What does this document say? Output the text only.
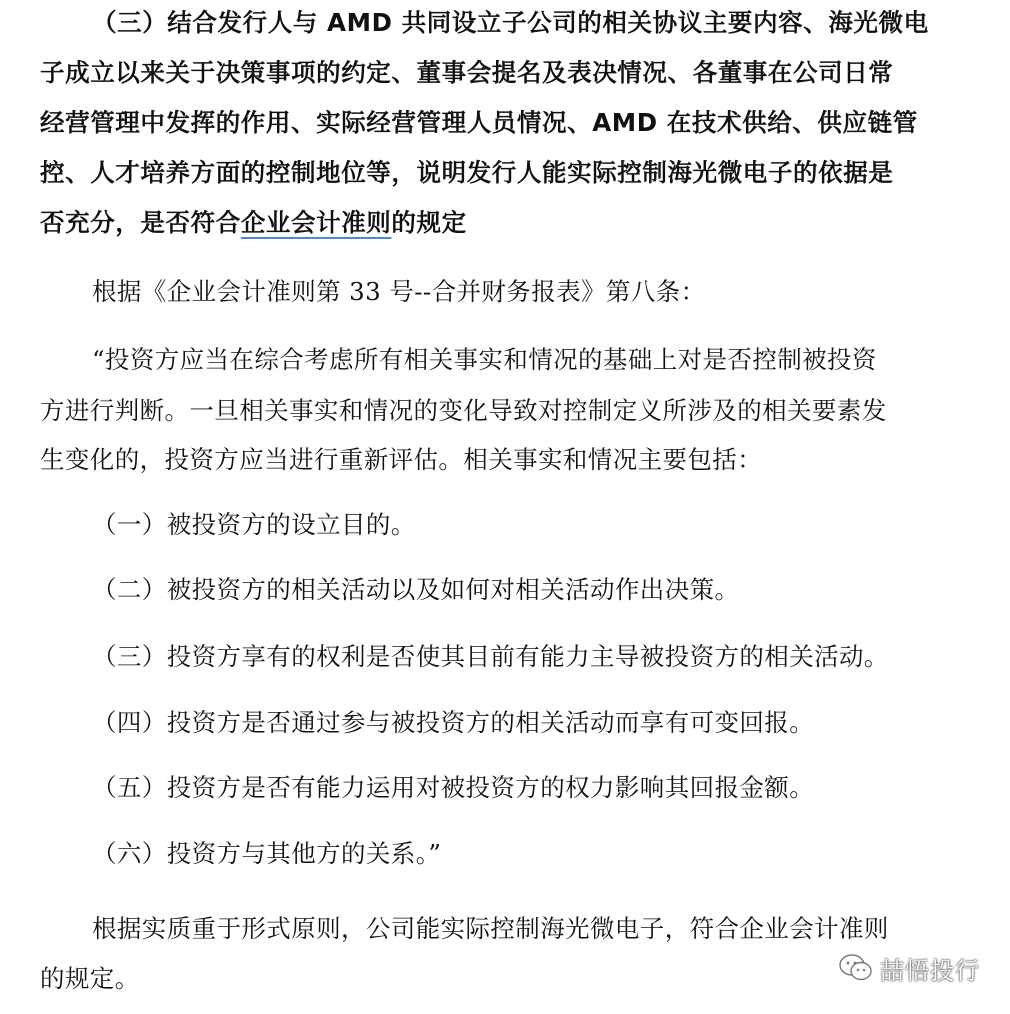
（三）结合发行人与 AMD 共同设立子公司的相关协议主要内容、海光微电
子成立以来关于决策事项的约定、董事会提名及表决情况、各董事在公司日常
经营管理中发挥的作用、实际经营管理人员情况、AMD 在技术供给、供应链管
控、人才培养方面的控制地位等，说明发行人能实际控制海光微电子的依据是
否充分，是否符合企业会计准则的规定
根据《企业会计准则第 33 号--合并财务报表》第八条：
“投资方应当在综合考虑所有相关事实和情况的基础上对是否控制被投资
方进行判断。一旦相关事实和情况的变化导致对控制定义所涉及的相关要素发
生变化的，投资方应当进行重新评估。相关事实和情况主要包括：
（一）被投资方的设立目的。
（二）被投资方的相关活动以及如何对相关活动作出决策。
（三）投资方享有的权利是否使其目前有能力主导被投资方的相关活动。
（四）投资方是否通过参与被投资方的相关活动而享有可变回报。
（五）投资方是否有能力运用对被投资方的权力影响其回报金额。
（六）投资方与其他方的关系。”
根据实质重于形式原则，公司能实际控制海光微电子，符合企业会计准则
的规定。	喆悟投行
